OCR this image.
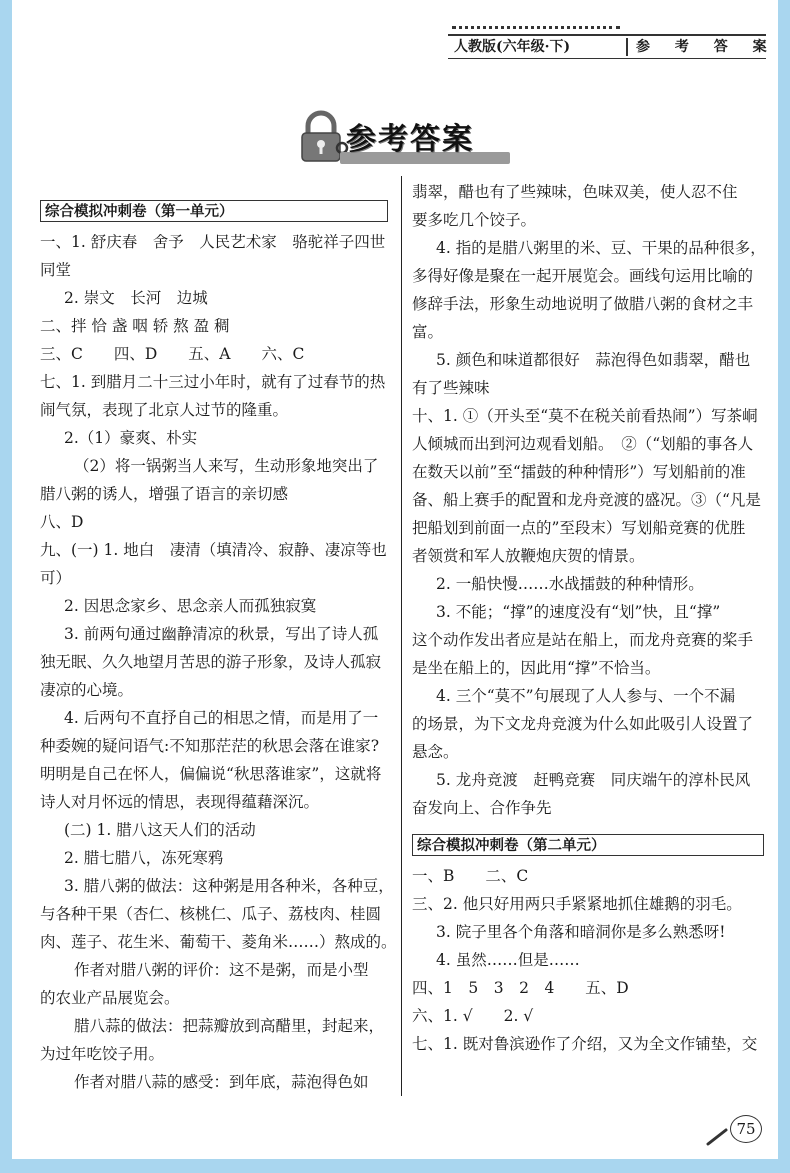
人教版(六年级·下)	参 考 答 案
参考答案
综合模拟冲刺卷（第一单元）
一、1. 舒庆春　舍予　人民艺术家　骆驼祥子四世
同堂
2. 崇文　长河　边城
二、拌 恰 盏 咽 轿 熬 盈 稠
三、C　　四、D　　五、A　　六、C
七、1. 到腊月二十三过小年时，就有了过春节的热
闹气氛，表现了北京人过节的隆重。
2.（1）豪爽、朴实
（2）将一锅粥当人来写，生动形象地突出了
腊八粥的诱人，增强了语言的亲切感
八、D
九、(一) 1. 地白　凄清（填清冷、寂静、凄凉等也
可）
2. 因思念家乡、思念亲人而孤独寂寞
3. 前两句通过幽静清凉的秋景，写出了诗人孤
独无眠、久久地望月苦思的游子形象，及诗人孤寂
凄凉的心境。
4. 后两句不直抒自己的相思之情，而是用了一
种委婉的疑问语气:不知那茫茫的秋思会落在谁家?
明明是自己在怀人，偏偏说“秋思落谁家”，这就将
诗人对月怀远的情思，表现得蕴藉深沉。
(二) 1. 腊八这天人们的活动
2. 腊七腊八，冻死寒鸦
3. 腊八粥的做法：这种粥是用各种米，各种豆，
与各种干果（杏仁、核桃仁、瓜子、荔枝肉、桂圆
肉、莲子、花生米、葡萄干、菱角米……）熬成的。
作者对腊八粥的评价：这不是粥，而是小型
的农业产品展览会。
腊八蒜的做法：把蒜瓣放到高醋里，封起来，
为过年吃饺子用。
作者对腊八蒜的感受：到年底，蒜泡得色如
翡翠，醋也有了些辣味，色味双美，使人忍不住
要多吃几个饺子。
4. 指的是腊八粥里的米、豆、干果的品种很多，
多得好像是聚在一起开展览会。画线句运用比喻的
修辞手法，形象生动地说明了做腊八粥的食材之丰
富。
5. 颜色和味道都很好　蒜泡得色如翡翠，醋也
有了些辣味
十、1. ①（开头至“莫不在税关前看热闹”）写茶峒
人倾城而出到河边观看划船。　②（“划船的事各人
在数天以前”至“擂鼓的种种情形”）写划船前的准
备、船上赛手的配置和龙舟竞渡的盛况。③（“凡是
把船划到前面一点的”至段末）写划船竞赛的优胜
者领赏和军人放鞭炮庆贺的情景。
2. 一船快慢……水战擂鼓的种种情形。
3. 不能；“撑”的速度没有“划”快，且“撑”
这个动作发出者应是站在船上，而龙舟竞赛的桨手
是坐在船上的，因此用“撑”不恰当。
4. 三个“莫不”句展现了人人参与、一个不漏
的场景，为下文龙舟竞渡为什么如此吸引人设置了
悬念。
5. 龙舟竞渡　赶鸭竞赛　同庆端午的淳朴民风
奋发向上、合作争先
综合模拟冲刺卷（第二单元）
一、B　　二、C
三、2. 他只好用两只手紧紧地抓住雄鹅的羽毛。
3. 院子里各个角落和暗洞你是多么熟悉呀!
4. 虽然……但是……
四、1　5　3　2　4　　五、D
六、1. √　　2. √
七、1. 既对鲁滨逊作了介绍，又为全文作铺垫，交
75
